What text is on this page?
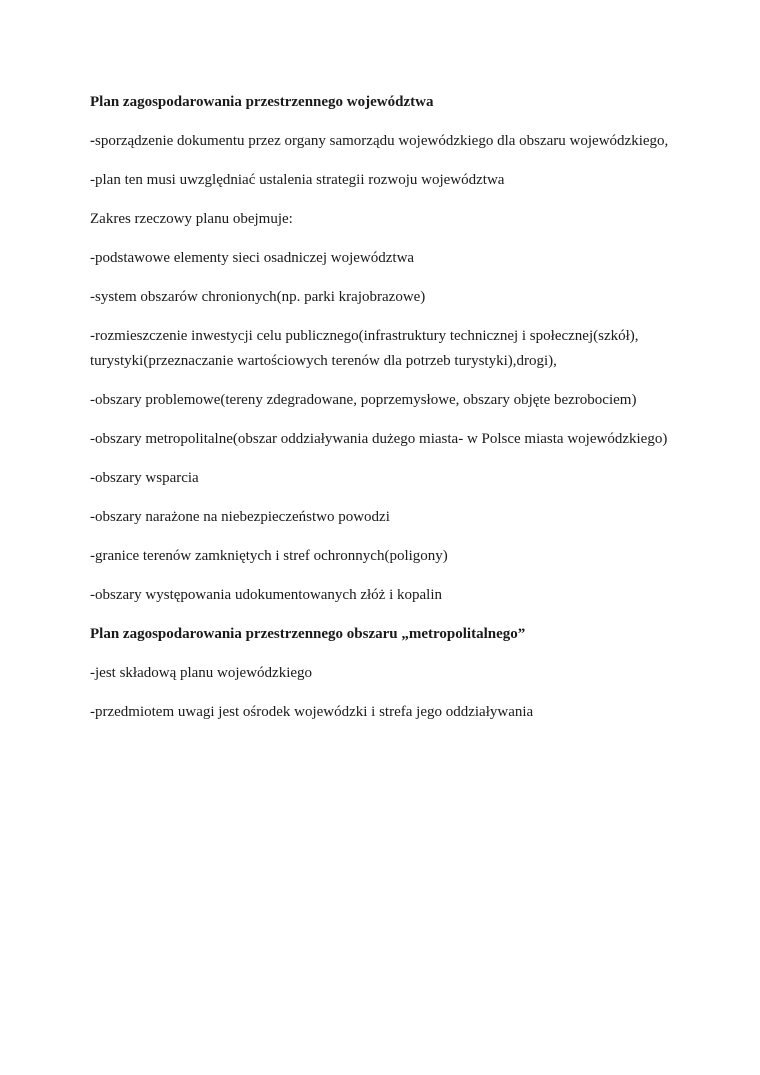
Plan zagospodarowania przestrzennego województwa

-sporządzenie dokumentu przez organy samorządu wojewódzkiego dla obszaru wojewódzkiego,

-plan ten musi uwzględniać ustalenia strategii rozwoju województwa

Zakres rzeczowy planu obejmuje:

-podstawowe elementy sieci osadniczej województwa

-system obszarów chronionych(np. parki krajobrazowe)

-rozmieszczenie inwestycji celu publicznego(infrastruktury technicznej i społecznej(szkół), turystyki(przeznaczanie wartościowych terenów dla potrzeb turystyki),drogi),

-obszary problemowe(tereny zdegradowane, poprzemysłowe, obszary objęte bezrobociem)

-obszary metropolitalne(obszar oddziaływania dużego miasta- w Polsce miasta wojewódzkiego)

-obszary wsparcia

-obszary narażone na niebezpieczeństwo powodzi

-granice terenów zamkniętych i stref ochronnych(poligony)

-obszary występowania udokumentowanych złóż i kopalin

Plan zagospodarowania przestrzennego obszaru „metropolitalnego”

-jest składową planu wojewódzkiego

-przedmiotem uwagi jest ośrodek wojewódzki i strefa jego oddziaływania
